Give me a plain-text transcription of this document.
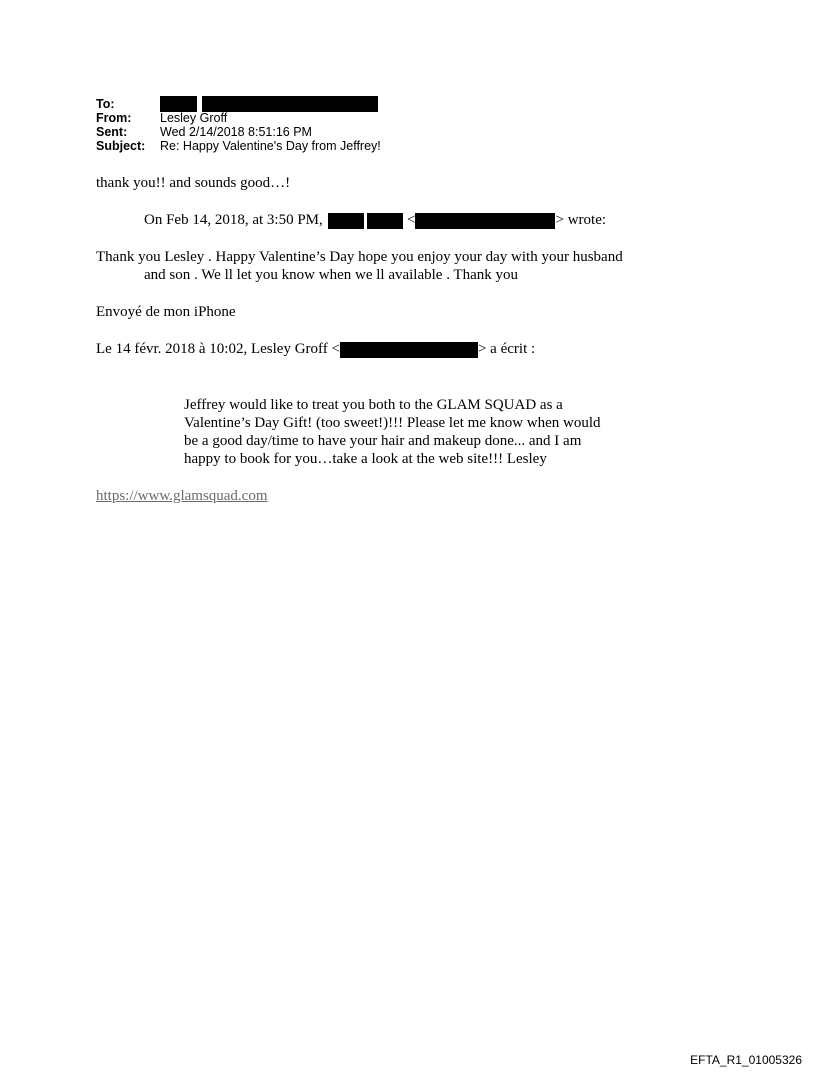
To:
From:	Lesley Groff
Sent:	Wed 2/14/2018 8:51:16 PM
Subject:	Re: Happy Valentine's Day from Jeffrey!
thank you!! and sounds good…!
On Feb 14, 2018, at 3:50 PM,	<	> wrote:
Thank you Lesley . Happy Valentine’s Day hope you enjoy your day with your husband
and son . We ll let you know when we ll available . Thank you
Envoyé de mon iPhone
Le 14 févr. 2018 à 10:02, Lesley Groff <	> a écrit :
Jeffrey would like to treat you both to the GLAM SQUAD as a
Valentine’s Day Gift! (too sweet!)!!! Please let me know when would
be a good day/time to have your hair and makeup done... and I am
happy to book for you…take a look at the web site!!! Lesley
https://www.glamsquad.com
EFTA_R1_01005326
